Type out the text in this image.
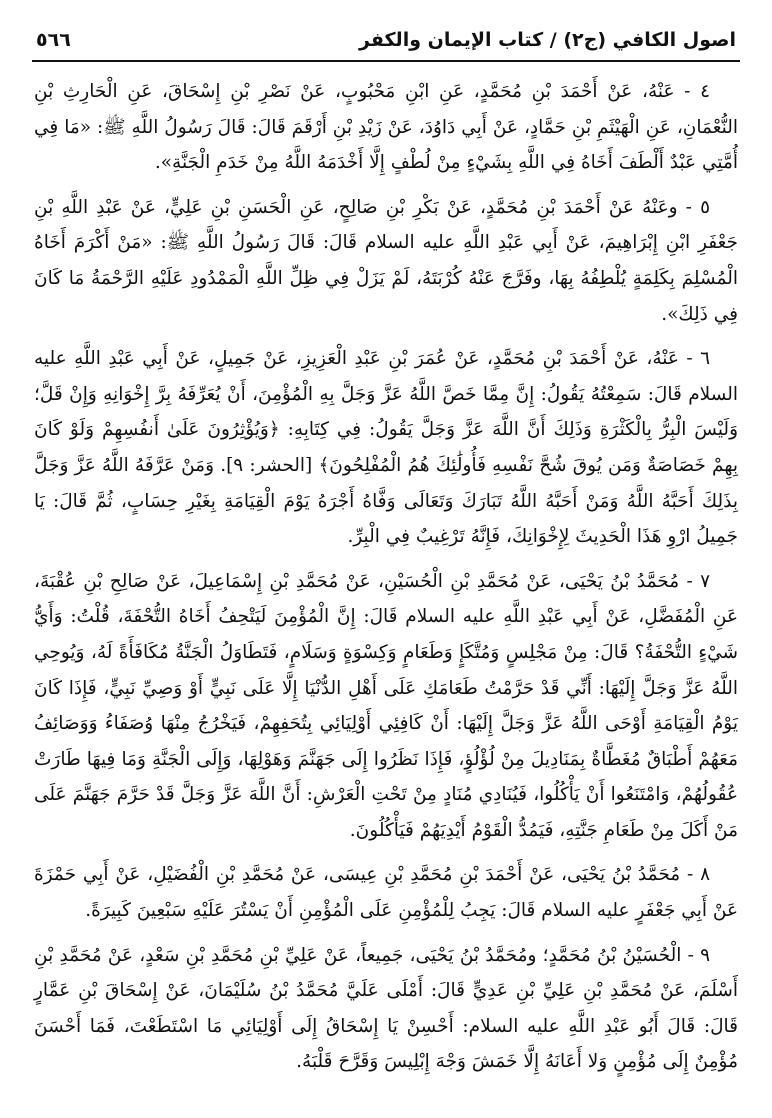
اصول الكافي (ج٢) / كتاب الإيمان والكفر
٥٦٦

٤ - عَنْهُ، عَنْ أَحْمَدَ بْنِ مُحَمَّدٍ، عَنِ ابْنِ مَحْبُوبٍ، عَنْ نَصْرِ بْنِ إِسْحَاقَ، عَنِ الْحَارِثِ بْنِ النُّعْمَانِ، عَنِ الْهَيْثَمِ بْنِ حَمَّادٍ، عَنْ أَبِي دَاوُدَ، عَنْ زَيْدِ بْنِ أَرْقَمَ قَالَ: قَالَ رَسُولُ اللَّهِ ﷺ: «مَا فِي أُمَّتِي عَبْدٌ أَلْطَفَ أَخَاهُ فِي اللَّهِ بِشَيْءٍ مِنْ لُطْفٍ إِلَّا أَخْدَمَهُ اللَّهُ مِنْ خَدَمِ الْجَنَّةِ».

٥ - وعَنْهُ عَنْ أَحْمَدَ بْنِ مُحَمَّدٍ، عَنْ بَكْرِ بْنِ صَالِحٍ، عَنِ الْحَسَنِ بْنِ عَلِيٍّ، عَنْ عَبْدِ اللَّهِ بْنِ جَعْفَرِ ابْنِ إِبْرَاهِيمَ، عَنْ أَبِي عَبْدِ اللَّهِ عليه السلام قَالَ: قَالَ رَسُولُ اللَّهِ ﷺ: «مَنْ أَكْرَمَ أَخَاهُ الْمُسْلِمَ بِكَلِمَةٍ يُلْطِفُهُ بِهَا، وفَرَّجَ عَنْهُ كُرْبَتَهُ، لَمْ يَزَلْ فِي ظِلِّ اللَّهِ الْمَمْدُودِ عَلَيْهِ الرَّحْمَةُ مَا كَانَ فِي ذَلِكَ».

٦ - عَنْهُ، عَنْ أَحْمَدَ بْنِ مُحَمَّدٍ، عَنْ عُمَرَ بْنِ عَبْدِ الْعَزِيزِ، عَنْ جَمِيلٍ، عَنْ أَبِي عَبْدِ اللَّهِ عليه السلام قَالَ: سَمِعْتُهُ يَقُولُ: إِنَّ مِمَّا خَصَّ اللَّهُ عَزَّ وَجَلَّ بِهِ الْمُؤْمِنَ، أَنْ يُعَرِّفَهُ بِرَّ إِخْوَانِهِ وَإِنْ قَلَّ؛ وَلَيْسَ الْبِرُّ بِالْكَثْرَةِ وَذَلِكَ أَنَّ اللَّهَ عَزَّ وَجَلَّ يَقُولُ: فِي كِتَابِهِ: ﴿وَيُؤْثِرُونَ عَلَىٰ أَنفُسِهِمْ وَلَوْ كَانَ بِهِمْ خَصَاصَةٌ وَمَن يُوقَ شُحَّ نَفْسِهِ فَأُولَٰئِكَ هُمُ الْمُفْلِحُونَ﴾ [الحشر: ٩]. وَمَنْ عَرَّفَهُ اللَّهُ عَزَّ وَجَلَّ بِذَلِكَ أَحَبَّهُ اللَّهُ وَمَنْ أَحَبَّهُ اللَّهُ تَبَارَكَ وَتَعَالَى وَفَّاهُ أَجْرَهُ يَوْمَ الْقِيَامَةِ بِغَيْرِ حِسَابٍ، ثُمَّ قَالَ: يَا جَمِيلُ ارْوِ هَذَا الْحَدِيثَ لِإِخْوَانِكَ، فَإِنَّهُ تَرْغِيبٌ فِي الْبِرِّ.

٧ - مُحَمَّدُ بْنُ يَحْيَى، عَنْ مُحَمَّدِ بْنِ الْحُسَيْنِ، عَنْ مُحَمَّدِ بْنِ إِسْمَاعِيلَ، عَنْ صَالِحِ بْنِ عُقْبَةَ، عَنِ الْمُفَضَّلِ، عَنْ أَبِي عَبْدِ اللَّهِ عليه السلام قَالَ: إِنَّ الْمُؤْمِنَ لَيَتْحِفُ أَخَاهُ التُّحْفَةَ، قُلْتُ: وَأَيُّ شَيْءٍ التُّحْفَةُ؟ قَالَ: مِنْ مَجْلِسٍ وَمُتَّكَإٍ وَطَعَامٍ وَكِسْوَةٍ وَسَلَامٍ، فَتَطَاوَلُ الْجَنَّةُ مُكَافَأَةً لَهُ، وَيُوحِي اللَّهُ عَزَّ وَجَلَّ إِلَيْهَا: أَنِّي قَدْ حَرَّمْتُ طَعَامَكِ عَلَى أَهْلِ الدُّنْيَا إِلَّا عَلَى نَبِيٍّ أَوْ وَصِيِّ نَبِيٍّ، فَإِذَا كَانَ يَوْمُ الْقِيَامَةِ أَوْحَى اللَّهُ عَزَّ وَجَلَّ إِلَيْهَا: أَنْ كَافِئِي أَوْلِيَائِي بِتُحَفِهِمْ، فَيَخْرُجُ مِنْهَا وُصَفَاءُ وَوَصَائِفُ مَعَهُمْ أَطْبَاقٌ مُغَطَّاةٌ بِمَنَادِيلَ مِنْ لُؤْلُؤٍ، فَإِذَا نَظَرُوا إِلَى جَهَنَّمَ وَهَوْلِهَا، وَإِلَى الْجَنَّةِ وَمَا فِيهَا طَارَتْ عُقُولُهُمْ، وَامْتَنَعُوا أَنْ يَأْكُلُوا، فَيُنَادِي مُنَادٍ مِنْ تَحْتِ الْعَرْشِ: أَنَّ اللَّهَ عَزَّ وَجَلَّ قَدْ حَرَّمَ جَهَنَّمَ عَلَى مَنْ أَكَلَ مِنْ طَعَامِ جَنَّتِهِ، فَيَمُدُّ الْقَوْمُ أَيْدِيَهُمْ فَيَأْكُلُونَ.

٨ - مُحَمَّدُ بْنُ يَحْيَى، عَنْ أَحْمَدَ بْنِ مُحَمَّدِ بْنِ عِيسَى، عَنْ مُحَمَّدِ بْنِ الْفُضَيْلِ، عَنْ أَبِي حَمْزَةَ عَنْ أَبِي جَعْفَرٍ عليه السلام قَالَ: يَجِبُ لِلْمُؤْمِنِ عَلَى الْمُؤْمِنِ أَنْ يَسْتُرَ عَلَيْهِ سَبْعِينَ كَبِيرَةً.

٩ - الْحُسَيْنُ بْنُ مُحَمَّدٍ؛ ومُحَمَّدُ بْنُ يَحْيَى، جَمِيعاً، عَنْ عَلِيِّ بْنِ مُحَمَّدِ بْنِ سَعْدٍ، عَنْ مُحَمَّدِ بْنِ أَسْلَمَ، عَنْ مُحَمَّدِ بْنِ عَلِيِّ بْنِ عَدِيٍّ قَالَ: أَمْلَى عَلَيَّ مُحَمَّدُ بْنُ سُلَيْمَانَ، عَنْ إِسْحَاقَ بْنِ عَمَّارٍ قَالَ: قَالَ أَبُو عَبْدِ اللَّهِ عليه السلام: أَحْسِنْ يَا إِسْحَاقُ إِلَى أَوْلِيَائِي مَا اسْتَطَعْتَ، فَمَا أَحْسَنَ مُؤْمِنٌ إِلَى مُؤْمِنٍ وَلا أَعَانَهُ إِلَّا خَمَشَ وَجْهَ إِبْلِيسَ وَقَرَّحَ قَلْبَهُ.
